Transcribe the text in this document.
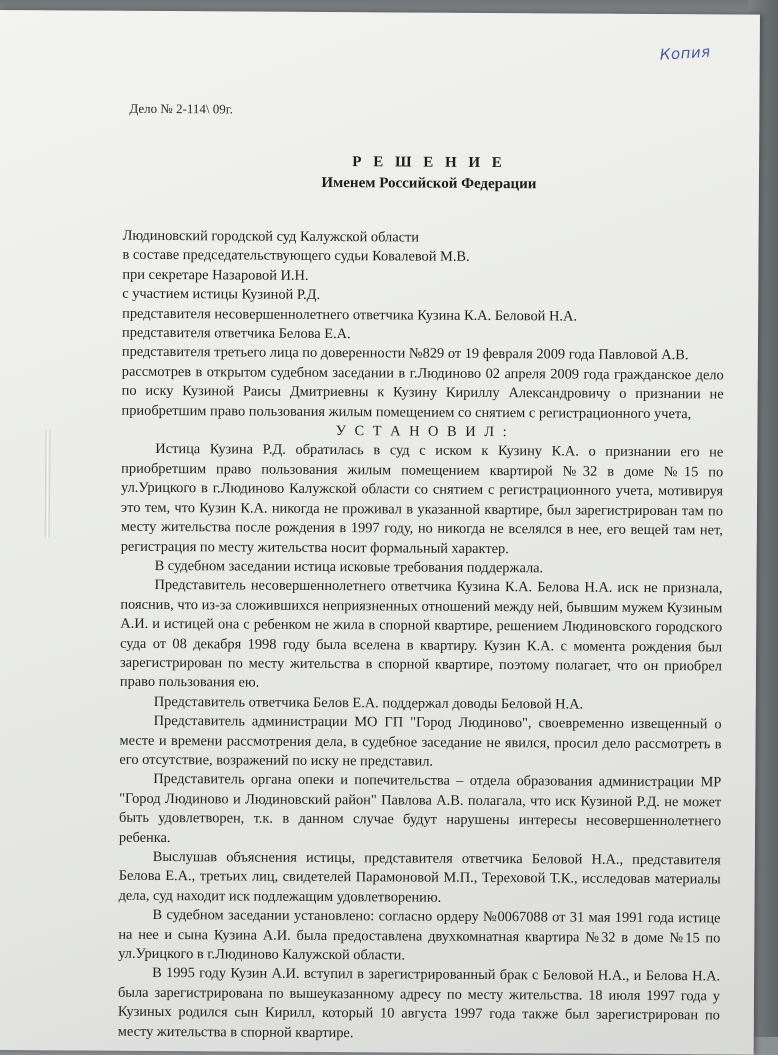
Копия
Дело № 2-114\ 09г.
Р Е Ш Е Н И Е
Именем Российской Федерации

Людиновский городской суд Калужской области

в составе председательствующего судьи Ковалевой М.В.

при секретаре Назаровой И.Н.

с участием истицы Кузиной Р.Д.

представителя несовершеннолетнего ответчика Кузина К.А. Беловой Н.А.

представителя ответчика Белова Е.А.

представителя третьего лица по доверенности №829 от 19 февраля 2009 года Павловой А.В.

рассмотрев в открытом судебном заседании в г.Людиново 02 апреля 2009 года гражданское дело по иску Кузиной Раисы Дмитриевны к Кузину Кириллу Александровичу о признании не приобретшим право пользования жилым помещением со снятием с регистрационного учета,

У С Т А Н О В И Л :

Истица Кузина Р.Д. обратилась в суд с иском к Кузину К.А. о признании его не приобретшим право пользования жилым помещением квартирой №32 в доме №15 по ул.Урицкого в г.Людиново Калужской области со снятием с регистрационного учета, мотивируя это тем, что Кузин К.А. никогда не проживал в указанной квартире, был зарегистрирован там по месту жительства после рождения в 1997 году, но никогда не вселялся в нее, его вещей там нет, регистрация по месту жительства носит формальный характер.

В судебном заседании истица исковые требования поддержала.

Представитель несовершеннолетнего ответчика Кузина К.А. Белова Н.А. иск не признала, пояснив, что из-за сложившихся неприязненных отношений между ней, бывшим мужем Кузиным А.И. и истицей она с ребенком не жила в спорной квартире, решением Людиновского городского суда от 08 декабря 1998 году была вселена в квартиру. Кузин К.А. с момента рождения был зарегистрирован по месту жительства в спорной квартире, поэтому полагает, что он приобрел право пользования ею.

Представитель ответчика Белов Е.А. поддержал доводы Беловой Н.А.

Представитель администрации МО ГП "Город Людиново", своевременно извещенный о месте и времени рассмотрения дела, в судебное заседание не явился, просил дело рассмотреть в его отсутствие, возражений по иску не представил.

Представитель органа опеки и попечительства – отдела образования администрации МР "Город Людиново и Людиновский район" Павлова А.В. полагала, что иск Кузиной Р.Д. не может быть удовлетворен, т.к. в данном случае будут нарушены интересы несовершеннолетнего ребенка.

Выслушав объяснения истицы, представителя ответчика Беловой Н.А., представителя Белова Е.А., третьих лиц, свидетелей Парамоновой М.П., Тереховой Т.К., исследовав материалы дела, суд находит иск подлежащим удовлетворению.

В судебном заседании установлено: согласно ордеру №0067088 от 31 мая 1991 года истице на нее и сына Кузина А.И. была предоставлена двухкомнатная квартира №32 в доме №15 по ул.Урицкого в г.Людиново Калужской области.

В 1995 году Кузин А.И. вступил в зарегистрированный брак с Беловой Н.А., и Белова Н.А. была зарегистрирована по вышеуказанному адресу по месту жительства. 18 июля 1997 года у Кузиных родился сын Кирилл, который 10 августа 1997 года также был зарегистрирован по месту жительства в спорной квартире.
